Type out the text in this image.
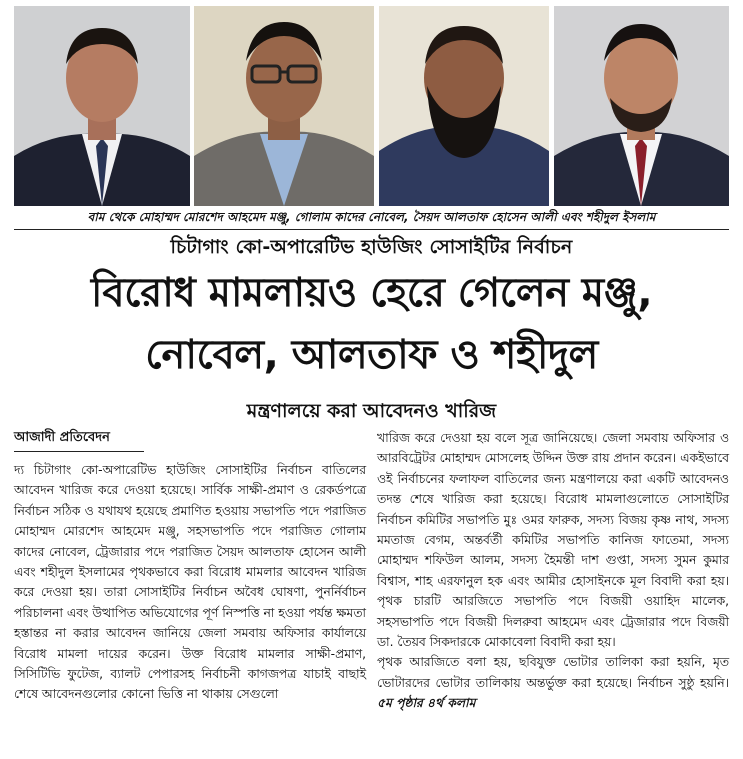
বাম থেকে মোহাম্মদ মোরশেদ আহমেদ মঞ্জু, গোলাম কাদের নোবেল, সৈয়দ আলতাফ হোসেন আলী এবং শহীদুল ইসলাম
চিটাগাং কো-অপারেটিভ হাউজিং সোসাইটির নির্বাচন
বিরোধ মামলায়ও হেরে গেলেন মঞ্জু,
নোবেল, আলতাফ ও শহীদুল
মন্ত্রণালয়ে করা আবেদনও খারিজ
আজাদী প্রতিবেদন

দ্য চিটাগাং কো-অপারেটিভ হাউজিং সোসাইটির নির্বাচন বাতিলের আবেদন খারিজ করে দেওয়া হয়েছে। সার্বিক সাক্ষী-প্রমাণ ও রেকর্ডপত্রে নির্বাচন সঠিক ও যথাযথ হয়েছে প্রমাণিত হওয়ায় সভাপতি পদে পরাজিত মোহাম্মদ মোরশেদ আহমেদ মঞ্জু, সহসভাপতি পদে পরাজিত গোলাম কাদের নোবেল, ট্রেজারার পদে পরাজিত সৈয়দ আলতাফ হোসেন আলী এবং শহীদুল ইসলামের পৃথকভাবে করা বিরোধ মামলার আবেদন খারিজ করে দেওয়া হয়। তারা সোসাইটির নির্বাচন অবৈধ ঘোষণা, পুনর্নির্বাচন পরিচালনা এবং উত্থাপিত অভিযোগের পূর্ণ নিস্পত্তি না হওয়া পর্যন্ত ক্ষমতা হস্তান্তর না করার আবেদন জানিয়ে জেলা সমবায় অফিসার কার্যালয়ে বিরোধ মামলা দায়ের করেন। উক্ত বিরোধ মামলার সাক্ষী-প্রমাণ, সিসিটিভি ফুটেজ, ব্যালট পেপারসহ নির্বাচনী কাগজপত্র যাচাই বাছাই শেষে আবেদনগুলোর কোনো ভিত্তি না থাকায় সেগুলো

খারিজ করে দেওয়া হয় বলে সূত্র জানিয়েছে। জেলা সমবায় অফিসার ও আরবিট্রেটর মোহাম্মদ মোসলেহ উদ্দিন উক্ত রায় প্রদান করেন। একইভাবে ওই নির্বাচনের ফলাফল বাতিলের জন্য মন্ত্রণালয়ে করা একটি আবেদনও তদন্ত শেষে খারিজ করা হয়েছে। বিরোধ মামলাগুলোতে সোসাইটির নির্বাচন কমিটির সভাপতি মুঃ ওমর ফারুক, সদস্য বিজয় কৃষ্ণ নাথ, সদস্য মমতাজ বেগম, অন্তর্বর্তী কমিটির সভাপতি কানিজ ফাতেমা, সদস্য মোহাম্মদ শফিউল আলম, সদস্য হৈমন্তী দাশ গুপ্তা, সদস্য সুমন কুমার বিশ্বাস, শাহ এরফানুল হক এবং আমীর হোসাইনকে মূল বিবাদী করা হয়। পৃথক চারটি আরজিতে সভাপতি পদে বিজয়ী ওয়াহিদ মালেক, সহসভাপতি পদে বিজয়ী দিলরুবা আহমেদ এবং ট্রেজারার পদে বিজয়ী ডা. তৈয়ব সিকদারকে মোকাবেলা বিবাদী করা হয়।

পৃথক আরজিতে বলা হয়, ছবিযুক্ত ভোটার তালিকা করা হয়নি, মৃত ভোটারদের ভোটার তালিকায় অন্তর্ভুক্ত করা হয়েছে। নির্বাচন সুষ্ঠু হয়নি। ৫ম পৃষ্ঠার ৪র্থ কলাম
